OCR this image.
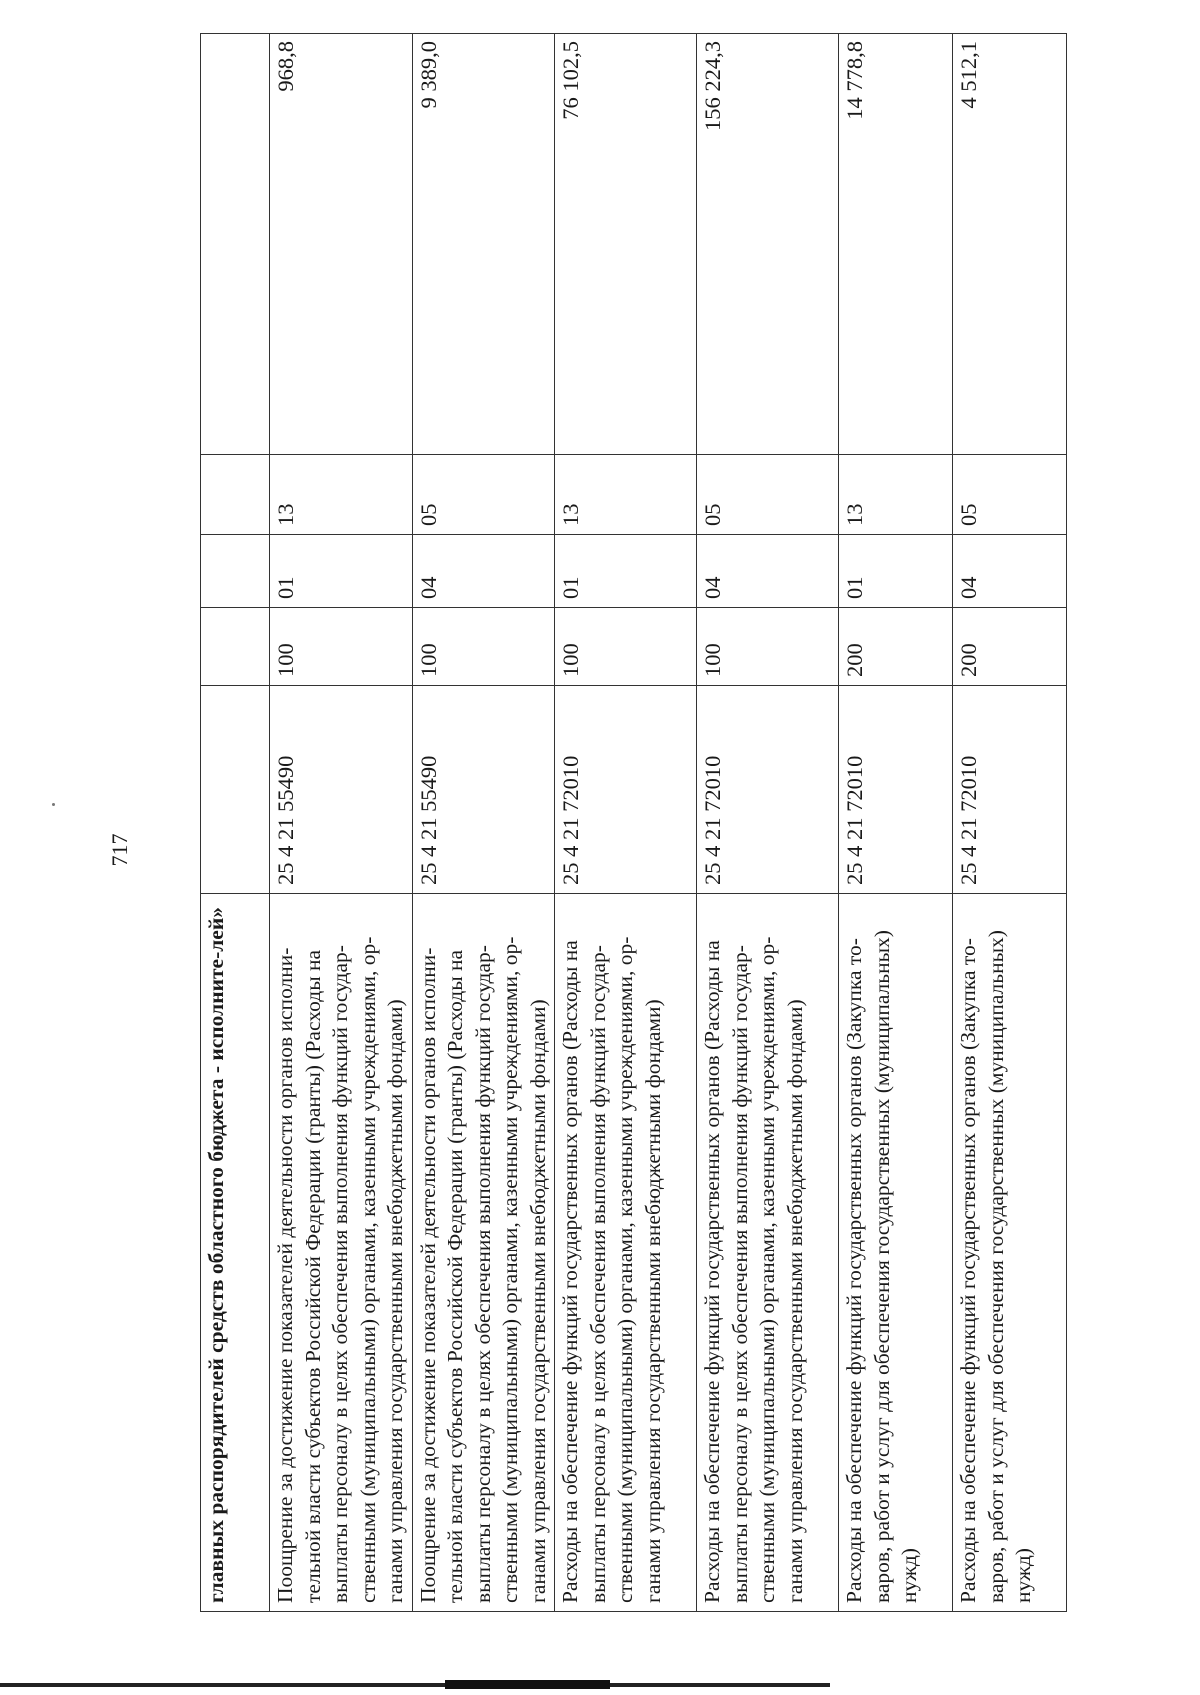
717
главных распорядителей средств областного бюджета - исполните-лей»					
Поощрение за достижение показателей деятельности органов исполни-тельной власти субъектов Российской Федерации (гранты) (Расходы на выплаты персоналу в целях обеспечения выполнения функций государ-ственными (муниципальными) органами, казенными учреждениями, ор-ганами управления государственными внебюджетными фондами)	25 4 21 55490	100	01	13	968,8
Поощрение за достижение показателей деятельности органов исполни-тельной власти субъектов Российской Федерации (гранты) (Расходы на выплаты персоналу в целях обеспечения выполнения функций государ-ственными (муниципальными) органами, казенными учреждениями, ор-ганами управления государственными внебюджетными фондами)	25 4 21 55490	100	04	05	9 389,0
Расходы на обеспечение функций государственных органов (Расходы на выплаты персоналу в целях обеспечения выполнения функций государ-ственными (муниципальными) органами, казенными учреждениями, ор-ганами управления государственными внебюджетными фондами)	25 4 21 72010	100	01	13	76 102,5
Расходы на обеспечение функций государственных органов (Расходы на выплаты персоналу в целях обеспечения выполнения функций государ-ственными (муниципальными) органами, казенными учреждениями, ор-ганами управления государственными внебюджетными фондами)	25 4 21 72010	100	04	05	156 224,3
Расходы на обеспечение функций государственных органов (Закупка то-варов, работ и услуг для обеспечения государственных (муниципальных) нужд)	25 4 21 72010	200	01	13	14 778,8
Расходы на обеспечение функций государственных органов (Закупка то-варов, работ и услуг для обеспечения государственных (муниципальных) нужд)	25 4 21 72010	200	04	05	4 512,1
